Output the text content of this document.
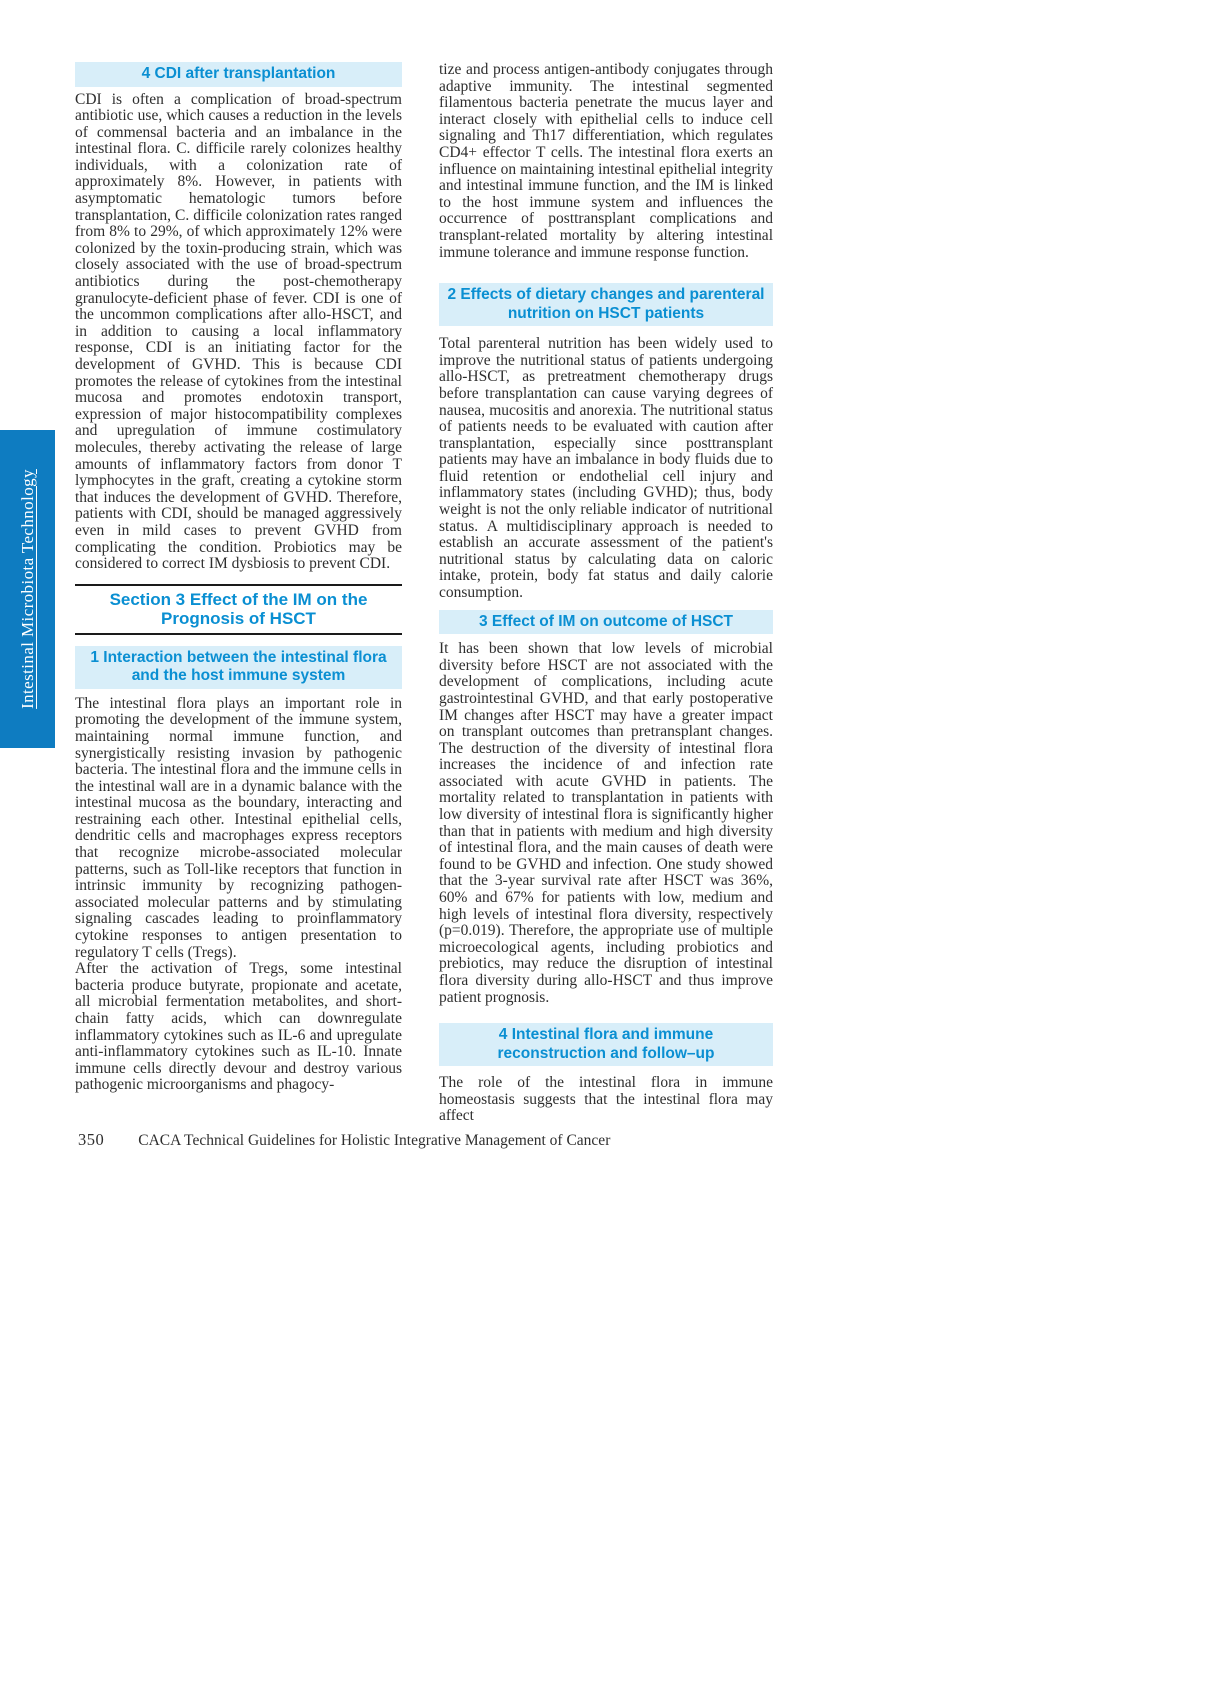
Intestinal Microbiota Technology
4 CDI after transplantation

CDI is often a complication of broad-spectrum antibiotic use, which causes a reduction in the levels of commensal bacteria and an imbalance in the intestinal flora. C. difficile rarely colonizes healthy individuals, with a colonization rate of approximately 8%. However, in patients with asymptomatic hematologic tumors before transplantation, C. difficile colonization rates ranged from 8% to 29%, of which approximately 12% were colonized by the toxin-producing strain, which was closely associated with the use of broad-spectrum antibiotics during the post-chemotherapy granulocyte-deficient phase of fever. CDI is one of the uncommon complications after allo-HSCT, and in addition to causing a local inflammatory response, CDI is an initiating factor for the development of GVHD. This is because CDI promotes the release of cytokines from the intestinal mucosa and promotes endotoxin transport, expression of major histocompatibility complexes and upregulation of immune costimulatory molecules, thereby activating the release of large amounts of inflammatory factors from donor T lymphocytes in the graft, creating a cytokine storm that induces the development of GVHD. Therefore, patients with CDI, should be managed aggressively even in mild cases to prevent GVHD from complicating the condition. Probiotics may be considered to correct IM dysbiosis to prevent CDI.

Section 3 Effect of the IM on the Prognosis of HSCT
1 Interaction between the intestinal flora and the host immune system

The intestinal flora plays an important role in promoting the development of the immune system, maintaining normal immune function, and synergistically resisting invasion by pathogenic bacteria. The intestinal flora and the immune cells in the intestinal wall are in a dynamic balance with the intestinal mucosa as the boundary, interacting and restraining each other. Intestinal epithelial cells, dendritic cells and macrophages express receptors that recognize microbe-associated molecular patterns, such as Toll-like receptors that function in intrinsic immunity by recognizing pathogen-associated molecular patterns and by stimulating signaling cascades leading to proinflammatory cytokine responses to antigen presentation to regulatory T cells (Tregs).

After the activation of Tregs, some intestinal bacteria produce butyrate, propionate and acetate, all microbial fermentation metabolites, and short-chain fatty acids, which can downregulate inflammatory cytokines such as IL-6 and upregulate anti-inflammatory cytokines such as IL-10. Innate immune cells directly devour and destroy various pathogenic microorganisms and phagocy-

tize and process antigen-antibody conjugates through adaptive immunity. The intestinal segmented filamentous bacteria penetrate the mucus layer and interact closely with epithelial cells to induce cell signaling and Th17 differentiation, which regulates CD4+ effector T cells. The intestinal flora exerts an influence on maintaining intestinal epithelial integrity and intestinal immune function, and the IM is linked to the host immune system and influences the occurrence of posttransplant complications and transplant-related mortality by altering intestinal immune tolerance and immune response function.

2 Effects of dietary changes and parenteral nutrition on HSCT patients

Total parenteral nutrition has been widely used to improve the nutritional status of patients undergoing allo-HSCT, as pretreatment chemotherapy drugs before transplantation can cause varying degrees of nausea, mucositis and anorexia. The nutritional status of patients needs to be evaluated with caution after transplantation, especially since posttransplant patients may have an imbalance in body fluids due to fluid retention or endothelial cell injury and inflammatory states (including GVHD); thus, body weight is not the only reliable indicator of nutritional status. A multidisciplinary approach is needed to establish an accurate assessment of the patient's nutritional status by calculating data on caloric intake, protein, body fat status and daily calorie consumption.

3 Effect of IM on outcome of HSCT

It has been shown that low levels of microbial diversity before HSCT are not associated with the development of complications, including acute gastrointestinal GVHD, and that early postoperative IM changes after HSCT may have a greater impact on transplant outcomes than pretransplant changes. The destruction of the diversity of intestinal flora increases the incidence of and infection rate associated with acute GVHD in patients. The mortality related to transplantation in patients with low diversity of intestinal flora is significantly higher than that in patients with medium and high diversity of intestinal flora, and the main causes of death were found to be GVHD and infection. One study showed that the 3-year survival rate after HSCT was 36%, 60% and 67% for patients with low, medium and high levels of intestinal flora diversity, respectively (p=0.019). Therefore, the appropriate use of multiple microecological agents, including probiotics and prebiotics, may reduce the disruption of intestinal flora diversity during allo-HSCT and thus improve patient prognosis.

4 Intestinal flora and immune reconstruction and follow–up

The role of the intestinal flora in immune homeostasis suggests that the intestinal flora may affect

350 CACA Technical Guidelines for Holistic Integrative Management of Cancer
